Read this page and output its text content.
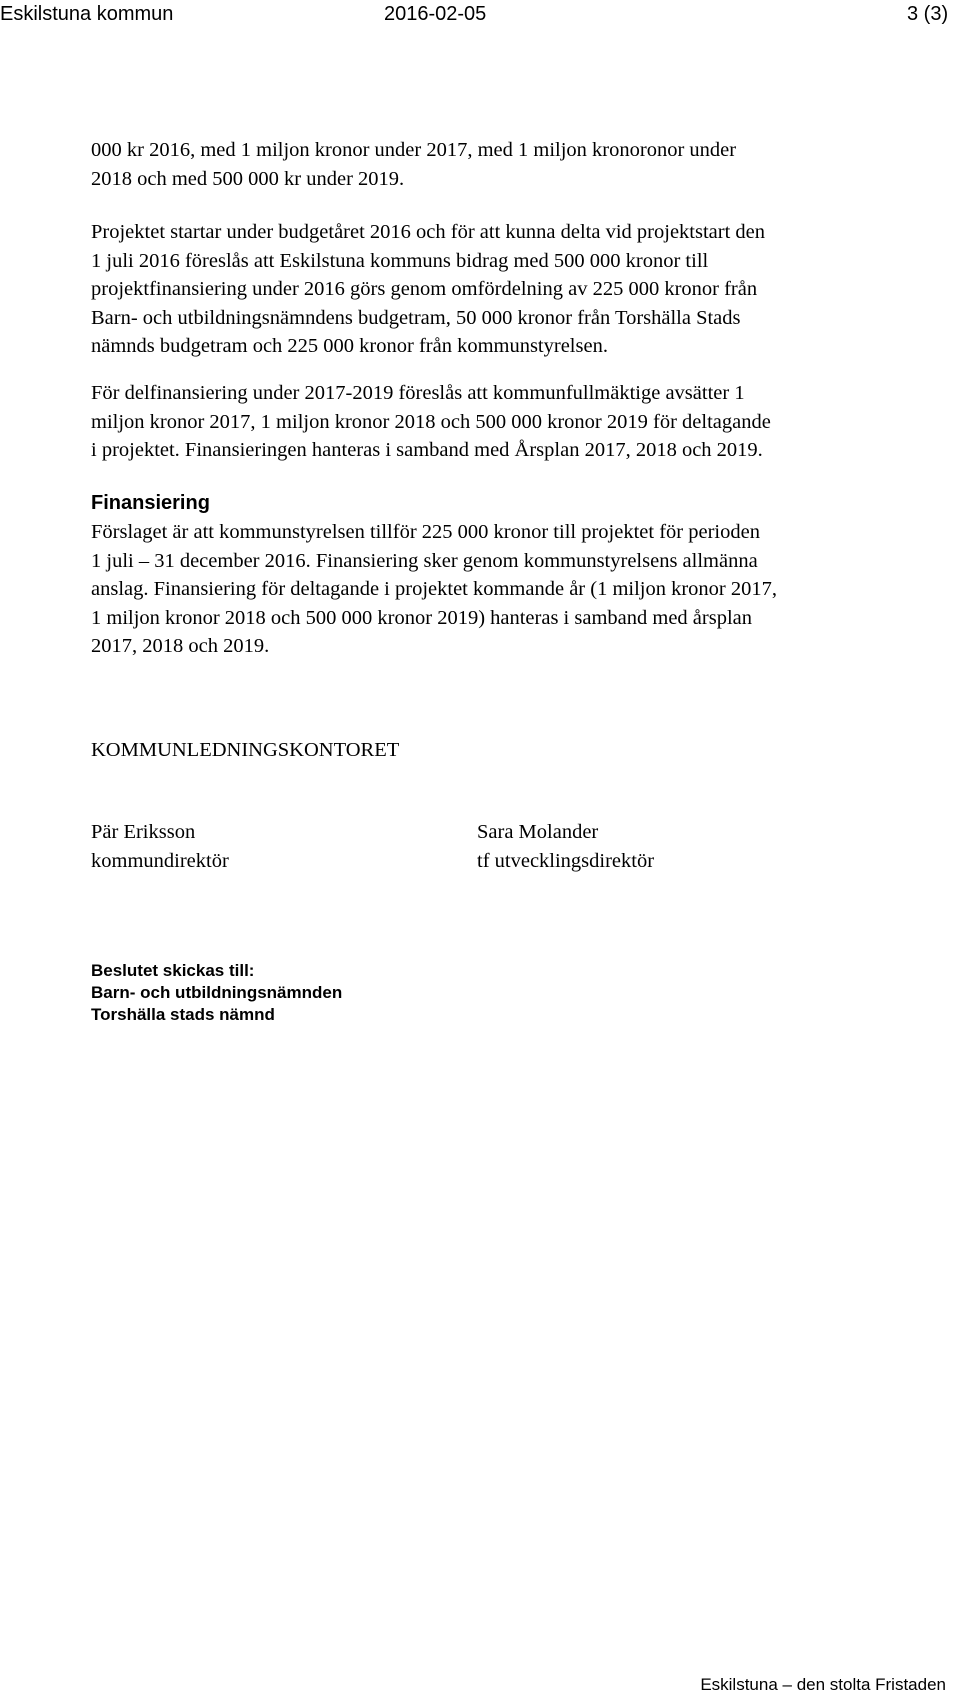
Eskilstuna kommun	2016-02-05	3 (3)
000 kr 2016, med 1 miljon kronor under 2017, med 1 miljon kronoronor under
2018 och med 500 000 kr under 2019.
Projektet startar under budgetåret 2016 och för att kunna delta vid projektstart den
1 juli 2016 föreslås att Eskilstuna kommuns bidrag med 500 000 kronor till
projektfinansiering under 2016 görs genom omfördelning av 225 000 kronor från
Barn- och utbildningsnämndens budgetram, 50 000 kronor från Torshälla Stads
nämnds budgetram och 225 000 kronor från kommunstyrelsen.
För delfinansiering under 2017-2019 föreslås att kommunfullmäktige avsätter 1
miljon kronor 2017, 1 miljon kronor 2018 och 500 000 kronor 2019 för deltagande
i projektet. Finansieringen hanteras i samband med Årsplan 2017, 2018 och 2019.
Finansiering
Förslaget är att kommunstyrelsen tillför 225 000 kronor till projektet för perioden
1 juli – 31 december 2016. Finansiering sker genom kommunstyrelsens allmänna
anslag. Finansiering för deltagande i projektet kommande år (1 miljon kronor 2017,
1 miljon kronor 2018 och 500 000 kronor 2019) hanteras i samband med årsplan
2017, 2018 och 2019.
KOMMUNLEDNINGSKONTORET
Pär Eriksson
kommundirektör
Sara Molander
tf utvecklingsdirektör
Beslutet skickas till:
Barn- och utbildningsnämnden
Torshälla stads nämnd
Eskilstuna – den stolta Fristaden
